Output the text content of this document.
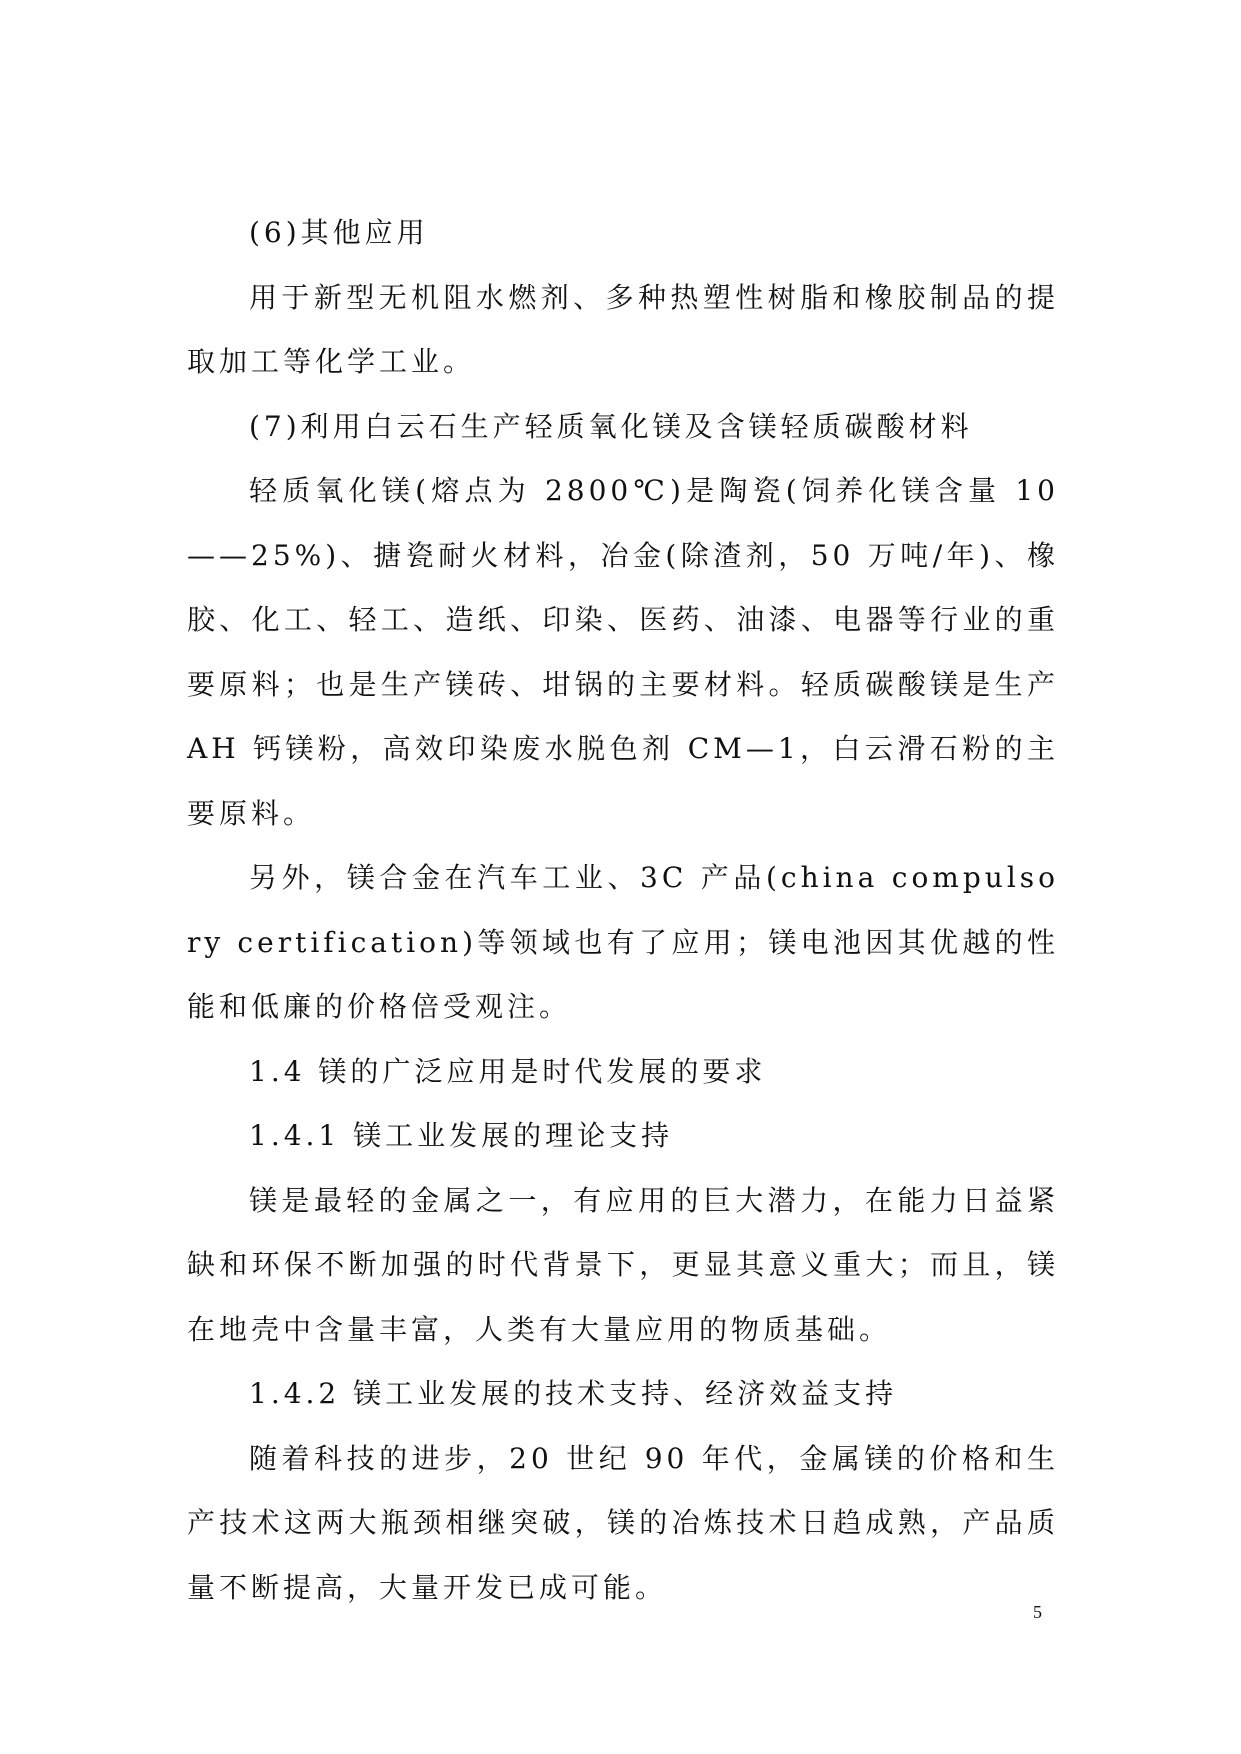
(6)其他应用

用于新型无机阻水燃剂、多种热塑性树脂和橡胶制品的提取加工等化学工业。

(7)利用白云石生产轻质氧化镁及含镁轻质碳酸材料

轻质氧化镁(熔点为 2800℃)是陶瓷(饲养化镁含量 10——25%)、搪瓷耐火材料，冶金(除渣剂，50 万吨/年)、橡胶、化工、轻工、造纸、印染、医药、油漆、电器等行业的重要原料；也是生产镁砖、坩锅的主要材料。轻质碳酸镁是生产 AH 钙镁粉，高效印染废水脱色剂 CM—1，白云滑石粉的主要原料。

另外，镁合金在汽车工业、3C 产品(china compulsory certification)等领域也有了应用；镁电池因其优越的性能和低廉的价格倍受观注。

1.4 镁的广泛应用是时代发展的要求

1.4.1 镁工业发展的理论支持

镁是最轻的金属之一，有应用的巨大潜力，在能力日益紧缺和环保不断加强的时代背景下，更显其意义重大；而且，镁在地壳中含量丰富，人类有大量应用的物质基础。

1.4.2 镁工业发展的技术支持、经济效益支持

随着科技的进步，20 世纪 90 年代，金属镁的价格和生产技术这两大瓶颈相继突破，镁的冶炼技术日趋成熟，产品质量不断提高，大量开发已成可能。

5
